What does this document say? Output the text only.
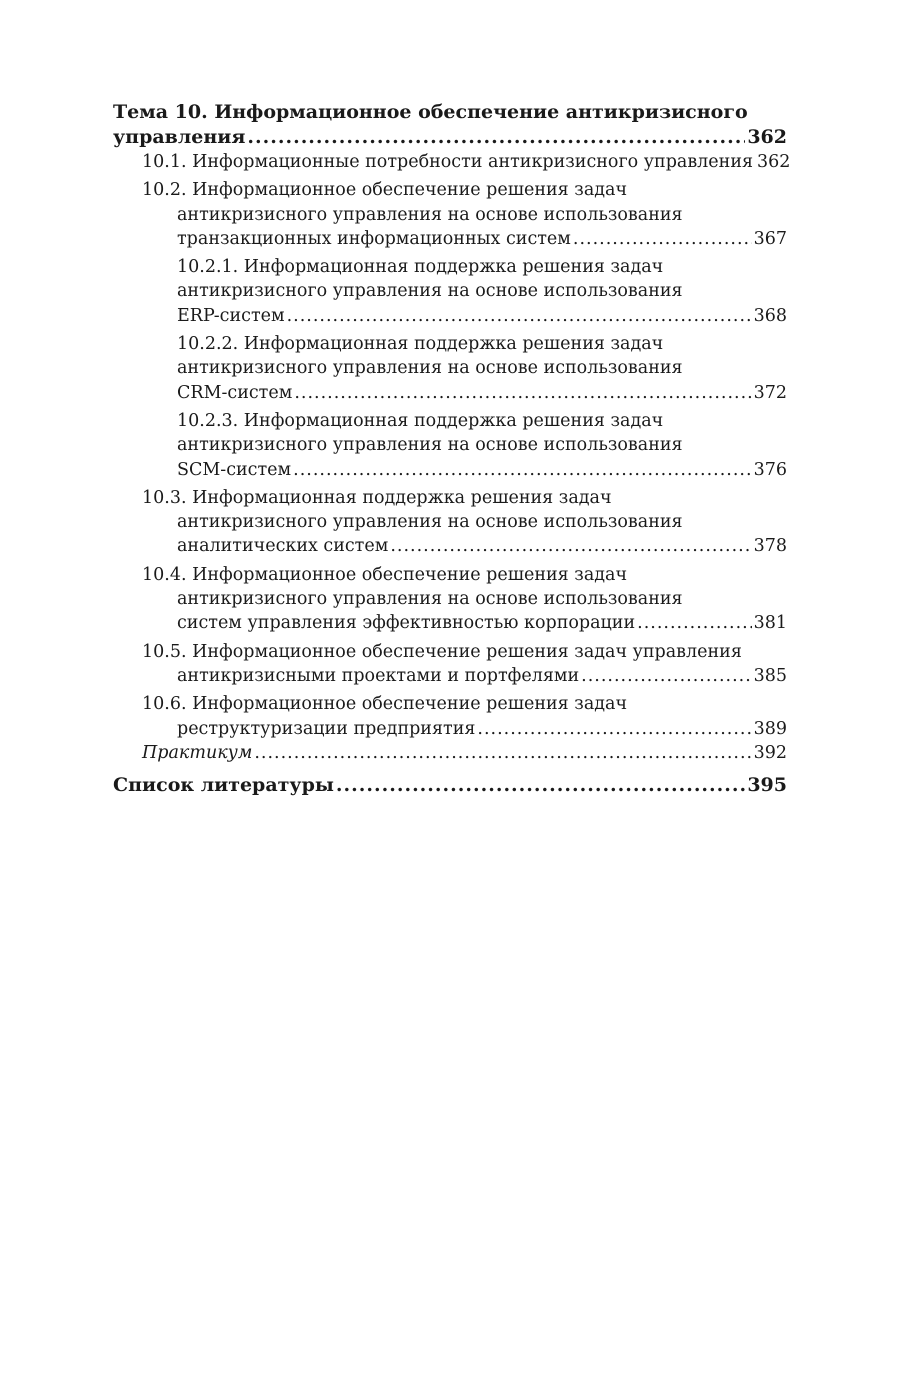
Тема 10. Информационное обеспечение антикризисного
управления .....	362
10.1. Информационные потребности антикризисного управления 362
10.2. Информационное обеспечение решения задач
антикризисного управления на основе использования
транзакционных информационных систем .....	367
10.2.1. Информационная поддержка решения задач
антикризисного управления на основе использования
ERP-систем .....	368
10.2.2. Информационная поддержка решения задач
антикризисного управления на основе использования
CRM-систем .....	372
10.2.3. Информационная поддержка решения задач
антикризисного управления на основе использования
SCM-систем .....	376
10.3. Информационная поддержка решения задач
антикризисного управления на основе использования
аналитических систем .....	378
10.4. Информационное обеспечение решения задач
антикризисного управления на основе использования
систем управления эффективностью корпорации .....	381
10.5. Информационное обеспечение решения задач управления
антикризисными проектами и портфелями .....	385
10.6. Информационное обеспечение решения задач
реструктуризации предприятия .....	389
Практикум .....	392
Список литературы .....	395
